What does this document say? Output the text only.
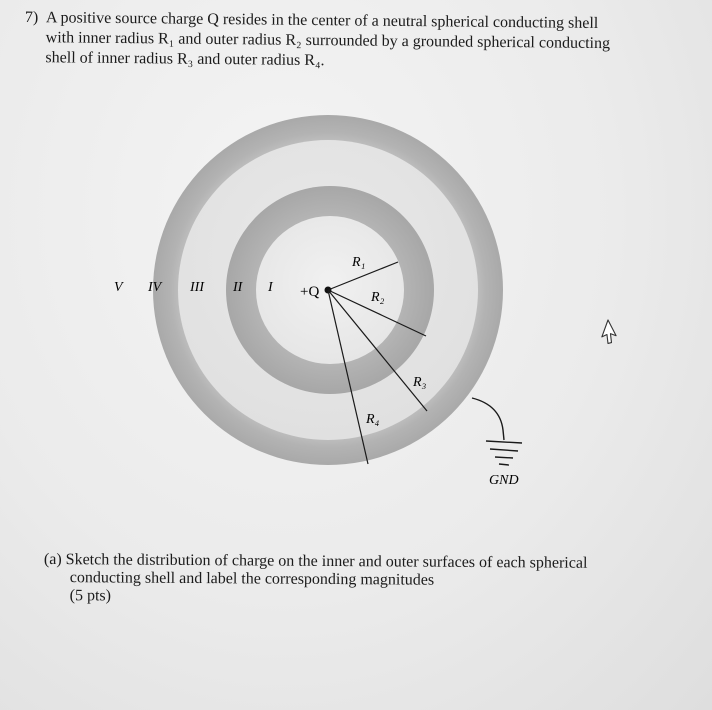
7) A positive source charge Q resides in the center of a neutral spherical conducting shell
with inner radius R₁ and outer radius R₂ surrounded by a grounded spherical conducting
shell of inner radius R₃ and outer radius R₄.
V IV III II I +Q
R₁
R₂
R₃
R₄
GND
(a) Sketch the distribution of charge on the inner and outer surfaces of each spherical
conducting shell and label the corresponding magnitudes
(5 pts)
